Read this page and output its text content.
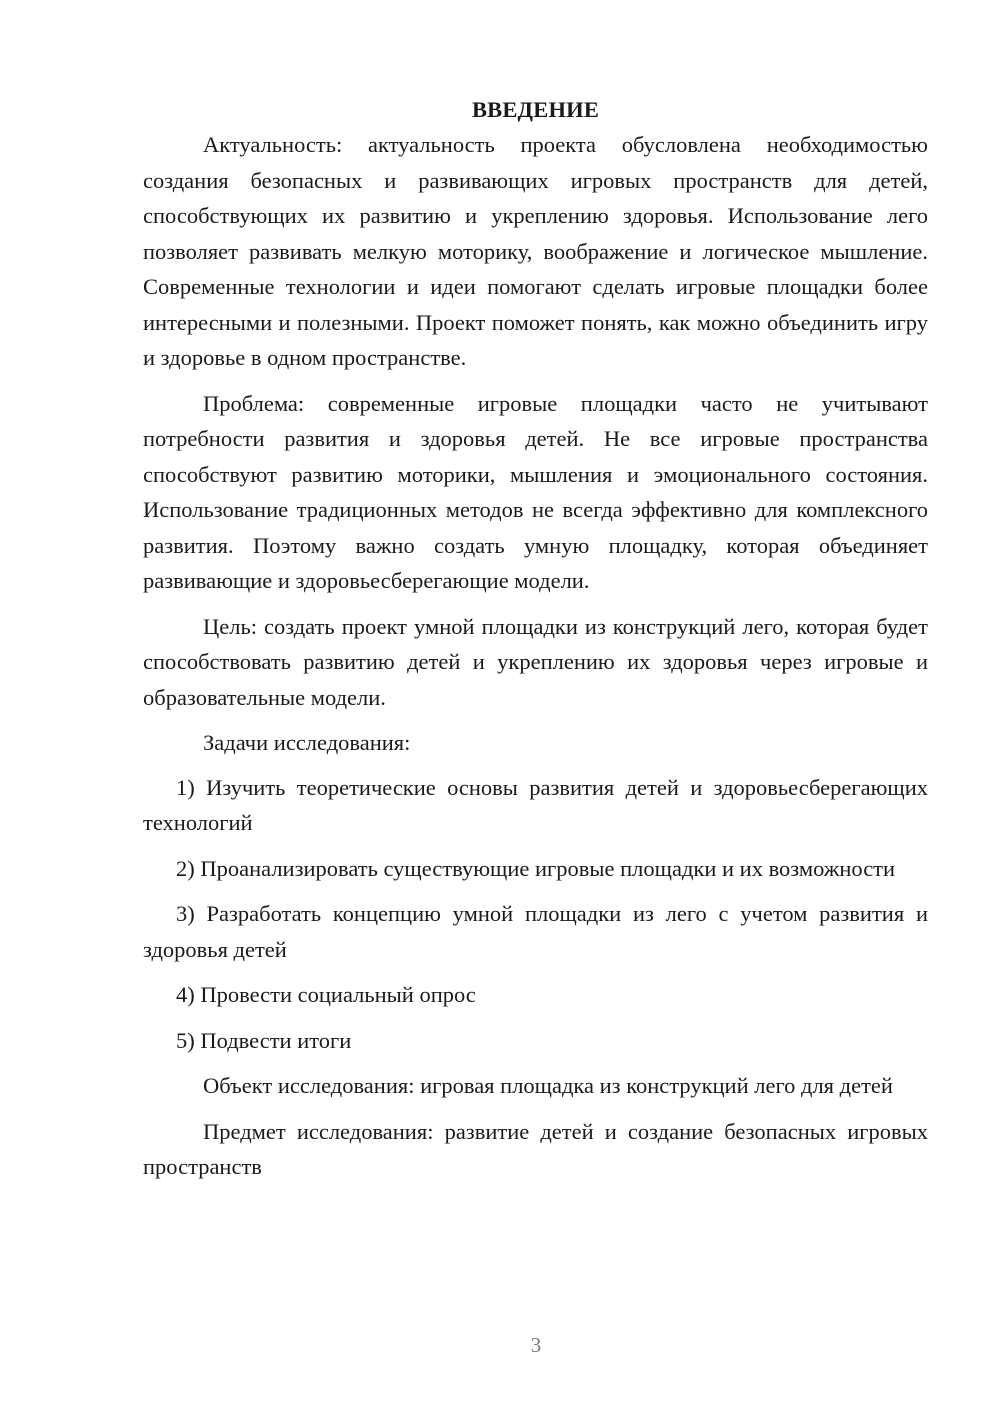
ВВЕДЕНИЕ

Актуальность: актуальность проекта обусловлена необходимостью создания безопасных и развивающих игровых пространств для детей, способствующих их развитию и укреплению здоровья. Использование лего позволяет развивать мелкую моторику, воображение и логическое мышление. Современные технологии и идеи помогают сделать игровые площадки более интересными и полезными. Проект поможет понять, как можно объединить игру и здоровье в одном пространстве.

Проблема: современные игровые площадки часто не учитывают потребности развития и здоровья детей. Не все игровые пространства способствуют развитию моторики, мышления и эмоционального состояния. Использование традиционных методов не всегда эффективно для комплексного развития. Поэтому важно создать умную площадку, которая объединяет развивающие и здоровьесберегающие модели.

Цель: создать проект умной площадки из конструкций лего, которая будет способствовать развитию детей и укреплению их здоровья через игровые и образовательные модели.

Задачи исследования:

1) Изучить теоретические основы развития детей и здоровьесберегающих технологий

2) Проанализировать существующие игровые площадки и их возможности

3) Разработать концепцию умной площадки из лего с учетом развития и здоровья детей

4) Провести социальный опрос

5) Подвести итоги

Объект исследования: игровая площадка из конструкций лего для детей

Предмет исследования: развитие детей и создание безопасных игровых пространств

3
